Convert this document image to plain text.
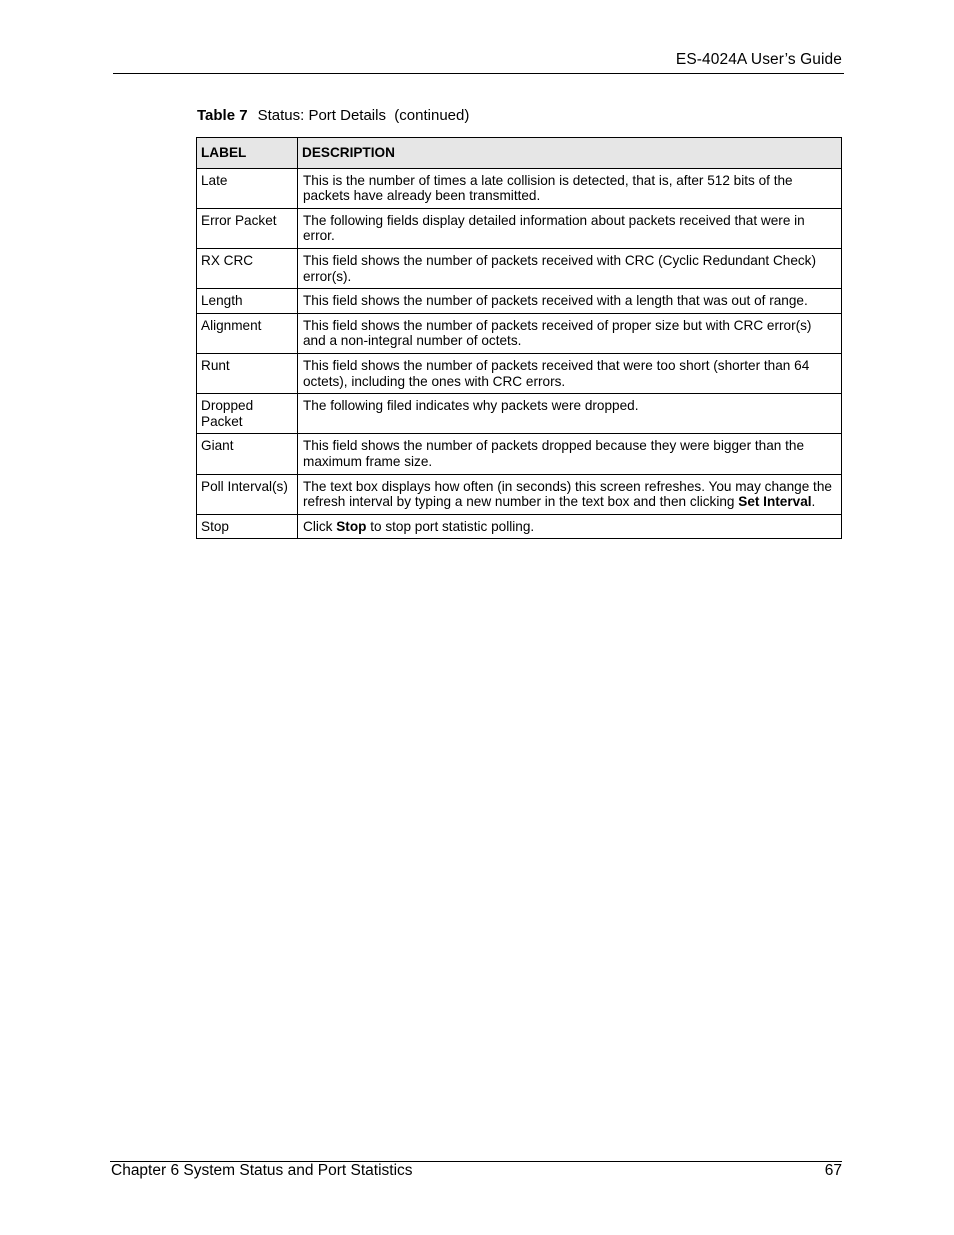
ES-4024A User’s Guide
Table 7 Status: Port Details  (continued)
LABEL	DESCRIPTION
Late	This is the number of times a late collision is detected, that is, after 512 bits of the packets have already been transmitted.
Error Packet	The following fields display detailed information about packets received that were in error.
RX CRC	This field shows the number of packets received with CRC (Cyclic Redundant Check) error(s).
Length	This field shows the number of packets received with a length that was out of range.
Alignment	This field shows the number of packets received of proper size but with CRC error(s) and a non-integral number of octets.
Runt	This field shows the number of packets received that were too short (shorter than 64 octets), including the ones with CRC errors.
Dropped Packet	The following filed indicates why packets were dropped.
Giant	This field shows the number of packets dropped because they were bigger than the maximum frame size.
Poll Interval(s)	The text box displays how often (in seconds) this screen refreshes. You may change the refresh interval by typing a new number in the text box and then clicking Set Interval.
Stop	Click Stop to stop port statistic polling.
Chapter 6 System Status and Port Statistics	67
